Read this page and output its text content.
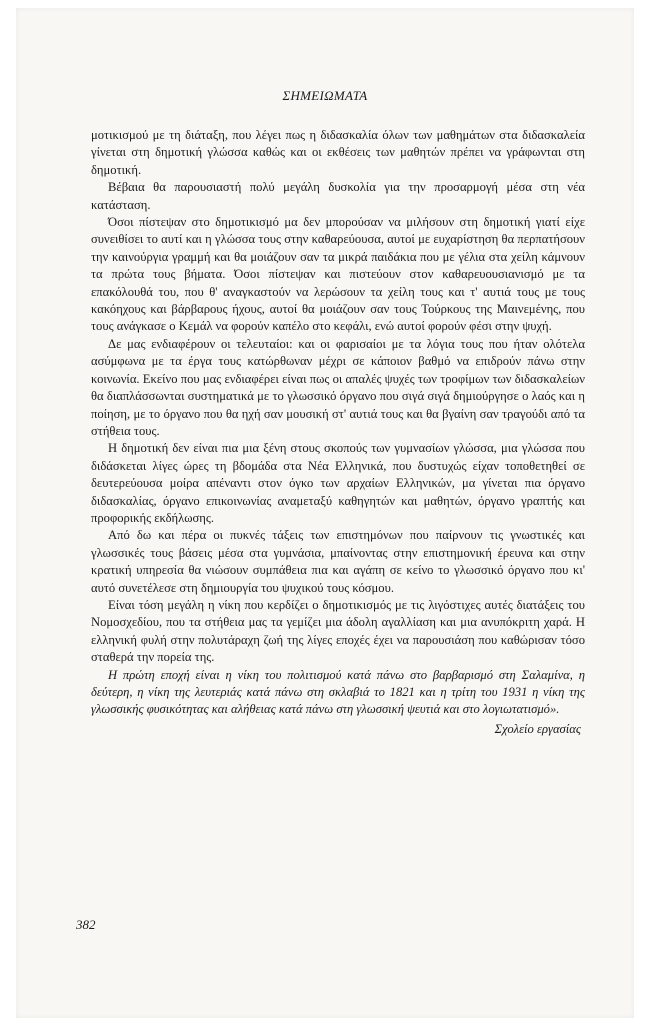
ΣΗΜΕΙΩΜΑΤΑ

μοτικισμού με τη διάταξη, που λέγει πως η διδασκαλία όλων των μαθημάτων στα διδασκαλεία γίνεται στη δημοτική γλώσσα καθώς και οι εκθέσεις των μαθητών πρέπει να γράφωνται στη δημοτική.

Βέβαια θα παρουσιαστή πολύ μεγάλη δυσκολία για την προσαρμογή μέσα στη νέα κατάσταση.

Όσοι πίστεψαν στο δημοτικισμό μα δεν μπορούσαν να μιλήσουν στη δημοτική γιατί είχε συνειθίσει το αυτί και η γλώσσα τους στην καθαρεύουσα, αυτοί με ευχαρίστηση θα περπατήσουν την καινούργια γραμμή και θα μοιάζουν σαν τα μικρά παιδάκια που με γέλια στα χείλη κάμνουν τα πρώτα τους βήματα. Όσοι πίστεψαν και πιστεύουν στον καθαρευουσιανισμό με τα επακόλουθά του, που θ' αναγκαστούν να λερώσουν τα χείλη τους και τ' αυτιά τους με τους κακόηχους και βάρβαρους ήχους, αυτοί θα μοιάζουν σαν τους Τούρκους της Μαινεμένης, που τους ανάγκασε ο Κεμάλ να φορούν καπέλο στο κεφάλι, ενώ αυτοί φορούν φέσι στην ψυχή.

Δε μας ενδιαφέρουν οι τελευταίοι: και οι φαρισαίοι με τα λόγια τους που ήταν ολότελα ασύμφωνα με τα έργα τους κατώρθωναν μέχρι σε κάποιον βαθμό να επιδρούν πάνω στην κοινωνία. Εκείνο που μας ενδιαφέρει είναι πως οι απαλές ψυχές των τροφίμων των διδασκαλείων θα διαπλάσσωνται συστηματικά με το γλωσσικό όργανο που σιγά σιγά δημιούργησε ο λαός και η ποίηση, με το όργανο που θα ηχή σαν μουσική στ' αυτιά τους και θα βγαίνη σαν τραγούδι από τα στήθεια τους.

Η δημοτική δεν είναι πια μια ξένη στους σκοπούς των γυμνασίων γλώσσα, μια γλώσσα που διδάσκεται λίγες ώρες τη βδομάδα στα Νέα Ελληνικά, που δυστυχώς είχαν τοποθετηθεί σε δευτερεύουσα μοίρα απέναντι στον όγκο των αρχαίων Ελληνικών, μα γίνεται πια όργανο διδασκαλίας, όργανο επικοινωνίας αναμεταξύ καθηγητών και μαθητών, όργανο γραπτής και προφορικής εκδήλωσης.

Από δω και πέρα οι πυκνές τάξεις των επιστημόνων που παίρνουν τις γνωστικές και γλωσσικές τους βάσεις μέσα στα γυμνάσια, μπαίνοντας στην επιστημονική έρευνα και στην κρατική υπηρεσία θα νιώσουν συμπάθεια πια και αγάπη σε κείνο το γλωσσικό όργανο που κι' αυτό συνετέλεσε στη δημιουργία του ψυχικού τους κόσμου.

Είναι τόση μεγάλη η νίκη που κερδίζει ο δημοτικισμός με τις λιγόστιχες αυτές διατάξεις του Νομοσχεδίου, που τα στήθεια μας τα γεμίζει μια άδολη αγαλλίαση και μια ανυπόκριτη χαρά. Η ελληνική φυλή στην πολυτάραχη ζωή της λίγες εποχές έχει να παρουσιάση που καθώρισαν τόσο σταθερά την πορεία της.

Η πρώτη εποχή είναι η νίκη του πολιτισμού κατά πάνω στο βαρβαρισμό στη Σαλαμίνα, η δεύτερη, η νίκη της λευτεριάς κατά πάνω στη σκλαβιά το 1821 και η τρίτη του 1931 η νίκη της γλωσσικής φυσικότητας και αλήθειας κατά πάνω στη γλωσσική ψευτιά και στο λογιωτατισμό».

Σχολείο εργασίας
382
